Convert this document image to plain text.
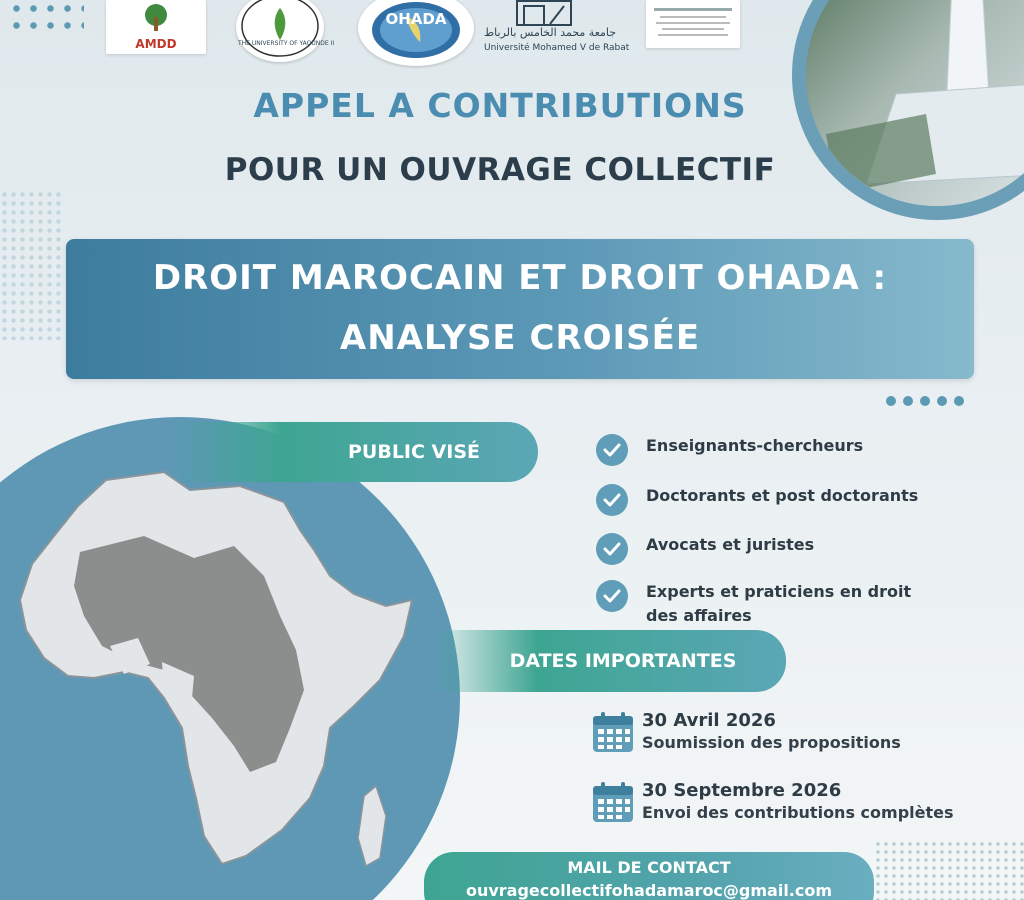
AMDD	THE UNIVERSITY OF YAOUNDE II
OHADA
جامعة محمد الخامس بالرباط
Université Mohamed V de Rabat
APPEL A CONTRIBUTIONS
POUR UN OUVRAGE COLLECTIF
DROIT MAROCAIN ET DROIT OHADA :
ANALYSE CROISÉE
PUBLIC VISÉ	Enseignants-chercheurs
Doctorants et post doctorants
Avocats et juristes
Experts et praticiens en droit des affaires
DATES IMPORTANTES
30 Avril 2026
Soumission des propositions
30 Septembre 2026
Envoi des contributions complètes
MAIL DE CONTACT
ouvragecollectifohadamaroc@gmail.com
